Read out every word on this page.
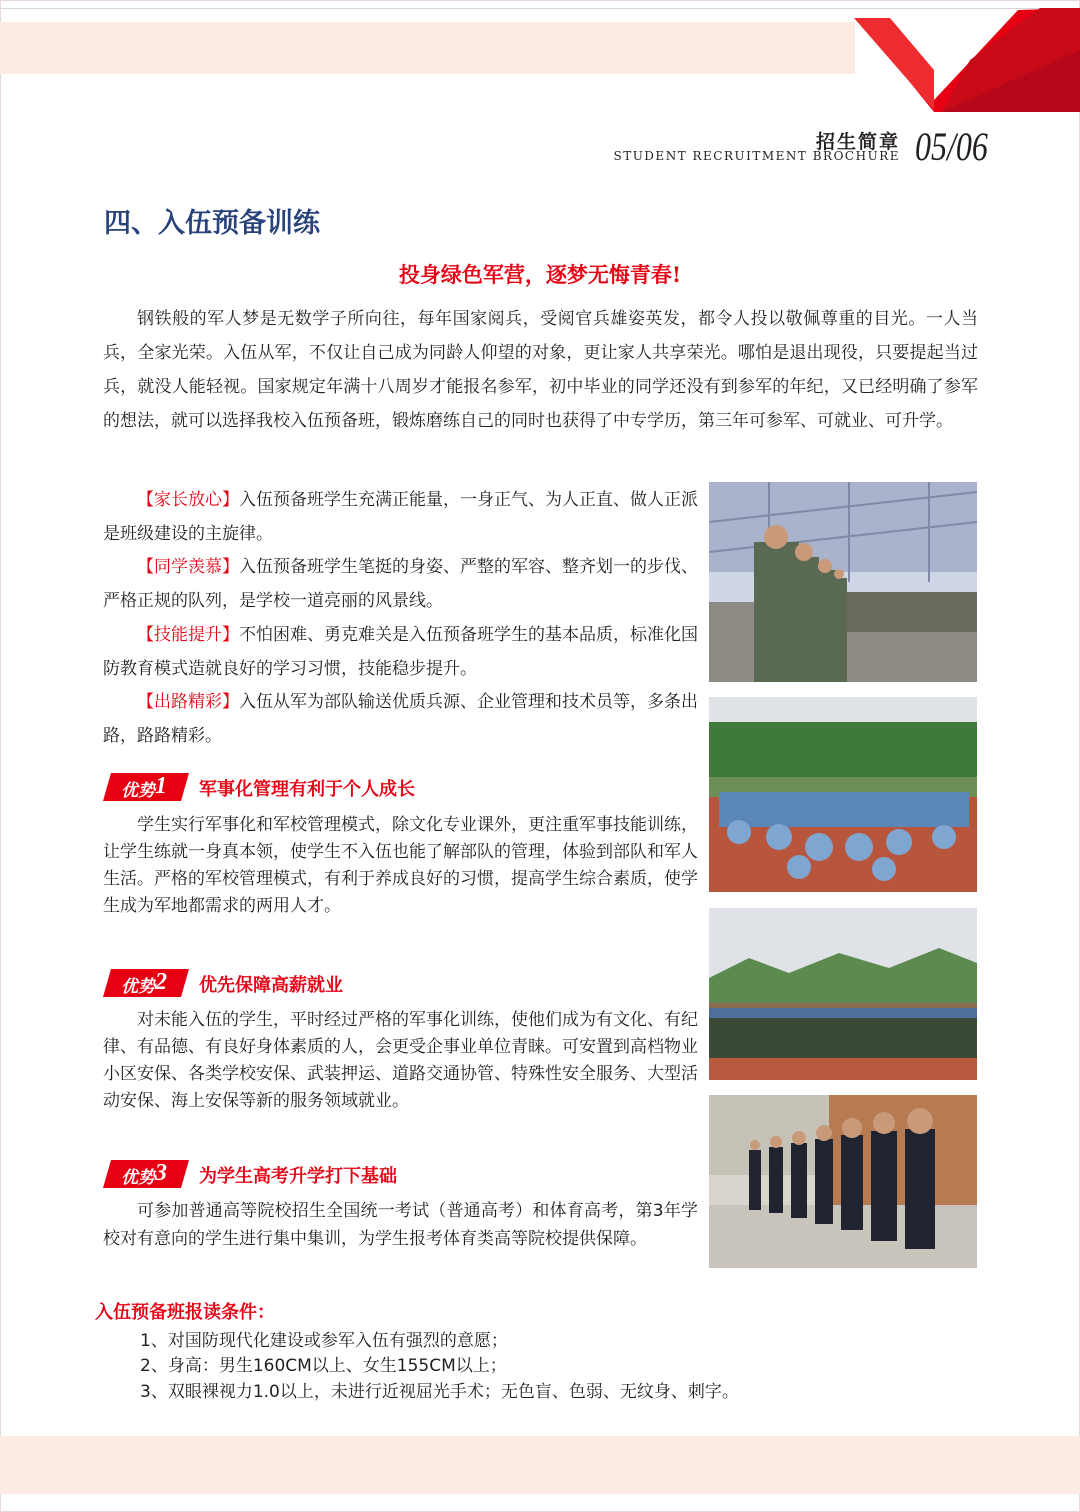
招生简章
STUDENT RECRUITMENT BROCHURE 05/06
四、入伍预备训练
投身绿色军营，逐梦无悔青春!

钢铁般的军人梦是无数学子所向往，每年国家阅兵，受阅官兵雄姿英发，都令人投以敬佩尊重的目光。一人当兵，全家光荣。入伍从军，不仅让自己成为同龄人仰望的对象，更让家人共享荣光。哪怕是退出现役，只要提起当过兵，就没人能轻视。国家规定年满十八周岁才能报名参军，初中毕业的同学还没有到参军的年纪，又已经明确了参军的想法，就可以选择我校入伍预备班，锻炼磨练自己的同时也获得了中专学历，第三年可参军、可就业、可升学。

【家长放心】入伍预备班学生充满正能量，一身正气、为人正直、做人正派是班级建设的主旋律。

【同学羡慕】入伍预备班学生笔挺的身姿、严整的军容、整齐划一的步伐、严格正规的队列，是学校一道亮丽的风景线。

【技能提升】不怕困难、勇克难关是入伍预备班学生的基本品质，标准化国防教育模式造就良好的学习习惯，技能稳步提升。

【出路精彩】入伍从军为部队输送优质兵源、企业管理和技术员等，多条出路，路路精彩。

优势1 军事化管理有利于个人成长

学生实行军事化和军校管理模式，除文化专业课外，更注重军事技能训练，让学生练就一身真本领，使学生不入伍也能了解部队的管理，体验到部队和军人生活。严格的军校管理模式，有利于养成良好的习惯，提高学生综合素质，使学生成为军地都需求的两用人才。

优势2 优先保障高薪就业

对未能入伍的学生，平时经过严格的军事化训练，使他们成为有文化、有纪律、有品德、有良好身体素质的人，会更受企事业单位青睐。可安置到高档物业小区安保、各类学校安保、武装押运、道路交通协管、特殊性安全服务、大型活动安保、海上安保等新的服务领域就业。

优势3 为学生高考升学打下基础

可参加普通高等院校招生全国统一考试（普通高考）和体育高考，第3年学校对有意向的学生进行集中集训，为学生报考体育类高等院校提供保障。

入伍预备班报读条件：
1、对国防现代化建设或参军入伍有强烈的意愿；
2、身高：男生160CM以上、女生155CM以上；
3、双眼裸视力1.0以上，未进行近视屈光手术；无色盲、色弱、无纹身、刺字。
